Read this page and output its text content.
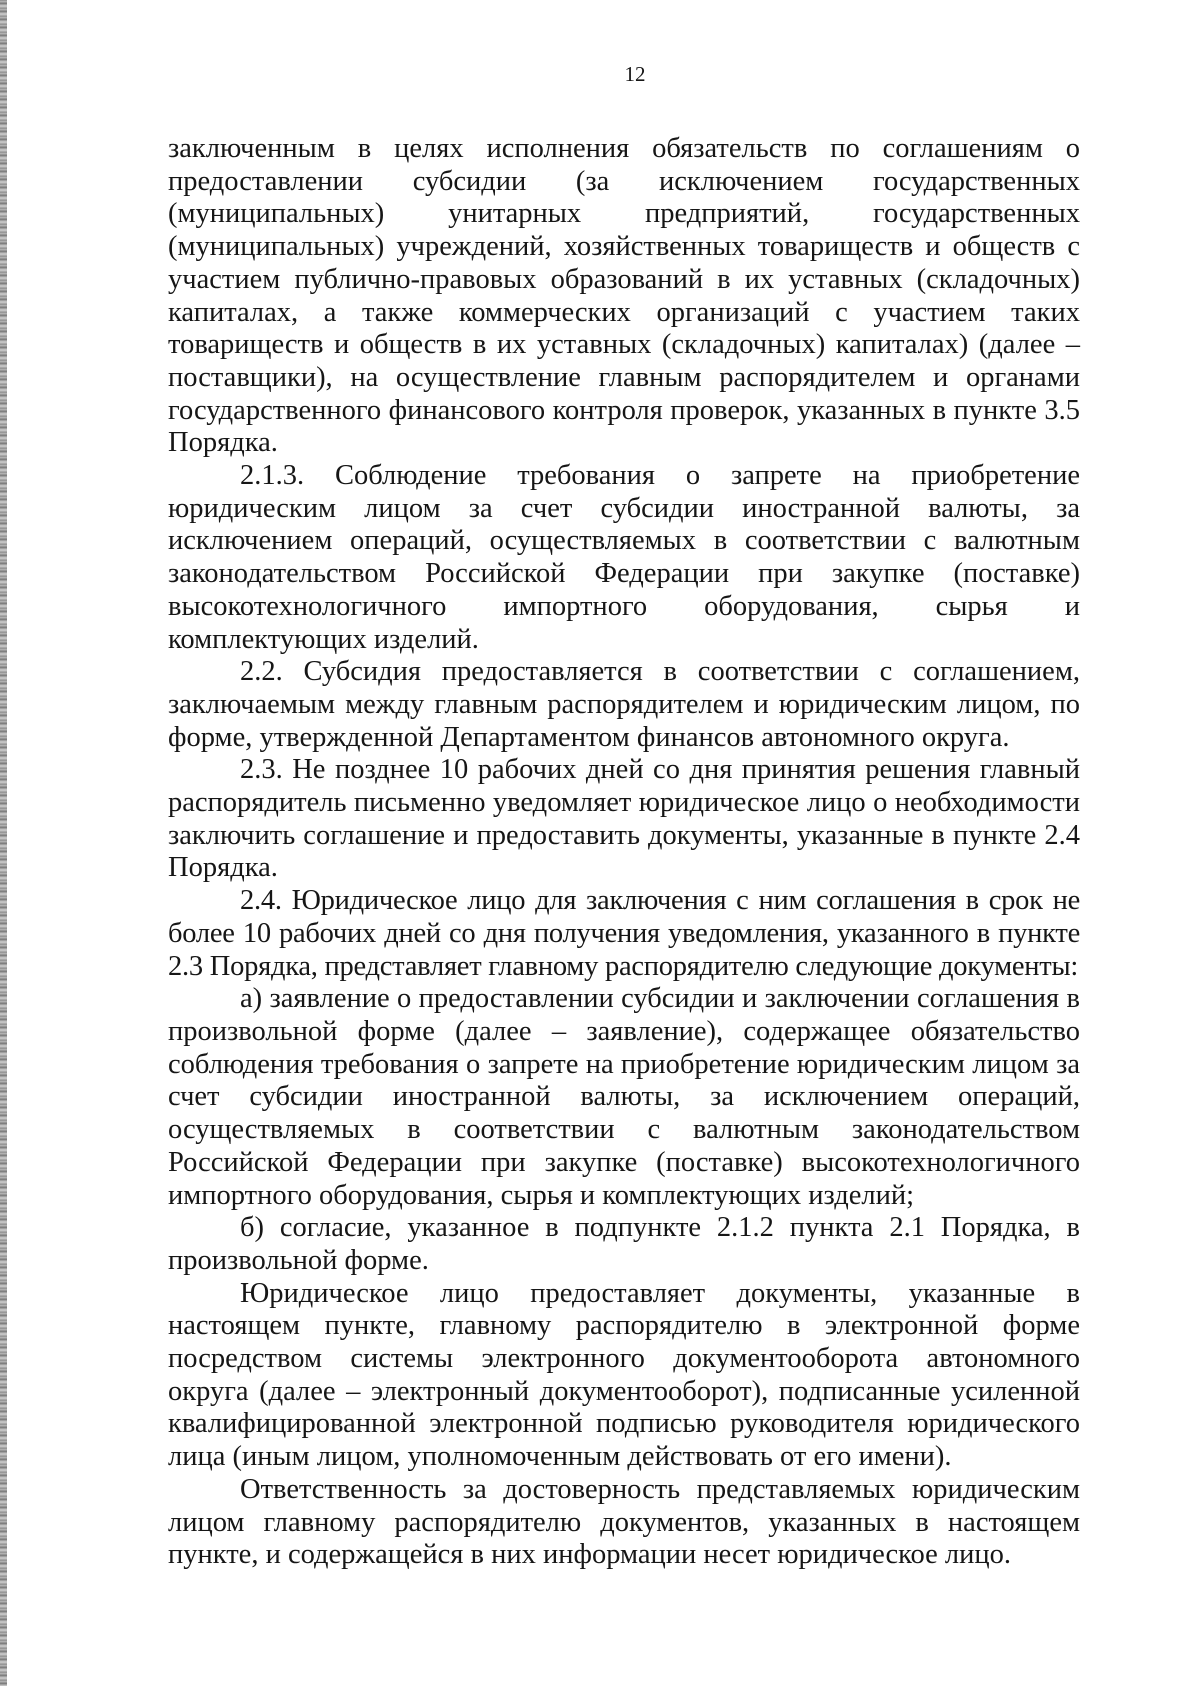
12

заключенным в целях исполнения обязательств по соглашениям о предоставлении субсидии (за исключением государственных (муниципальных) унитарных предприятий, государственных (муниципальных) учреждений, хозяйственных товариществ и обществ с участием публично-правовых образований в их уставных (складочных) капиталах, а также коммерческих организаций с участием таких товариществ и обществ в их уставных (складочных) капиталах) (далее – поставщики), на осуществление главным распорядителем и органами государственного финансового контроля проверок, указанных в пункте 3.5 Порядка.

2.1.3. Соблюдение требования о запрете на приобретение юридическим лицом за счет субсидии иностранной валюты, за исключением операций, осуществляемых в соответствии с валютным законодательством Российской Федерации при закупке (поставке) высокотехнологичного импортного оборудования, сырья и комплектующих изделий.

2.2. Субсидия предоставляется в соответствии с соглашением, заключаемым между главным распорядителем и юридическим лицом, по форме, утвержденной Департаментом финансов автономного округа.

2.3. Не позднее 10 рабочих дней со дня принятия решения главный распорядитель письменно уведомляет юридическое лицо о необходимости заключить соглашение и предоставить документы, указанные в пункте 2.4 Порядка.

2.4. Юридическое лицо для заключения с ним соглашения в срок не более 10 рабочих дней со дня получения уведомления, указанного в пункте 2.3 Порядка, представляет главному распорядителю следующие документы:

а) заявление о предоставлении субсидии и заключении соглашения в произвольной форме (далее – заявление), содержащее обязательство соблюдения требования о запрете на приобретение юридическим лицом за счет субсидии иностранной валюты, за исключением операций, осуществляемых в соответствии с валютным законодательством Российской Федерации при закупке (поставке) высокотехнологичного импортного оборудования, сырья и комплектующих изделий;

б) согласие, указанное в подпункте 2.1.2 пункта 2.1 Порядка, в произвольной форме.

Юридическое лицо предоставляет документы, указанные в настоящем пункте, главному распорядителю в электронной форме посредством системы электронного документооборота автономного округа (далее – электронный документооборот), подписанные усиленной квалифицированной электронной подписью руководителя юридического лица (иным лицом, уполномоченным действовать от его имени).

Ответственность за достоверность представляемых юридическим лицом главному распорядителю документов, указанных в настоящем пункте, и содержащейся в них информации несет юридическое лицо.
